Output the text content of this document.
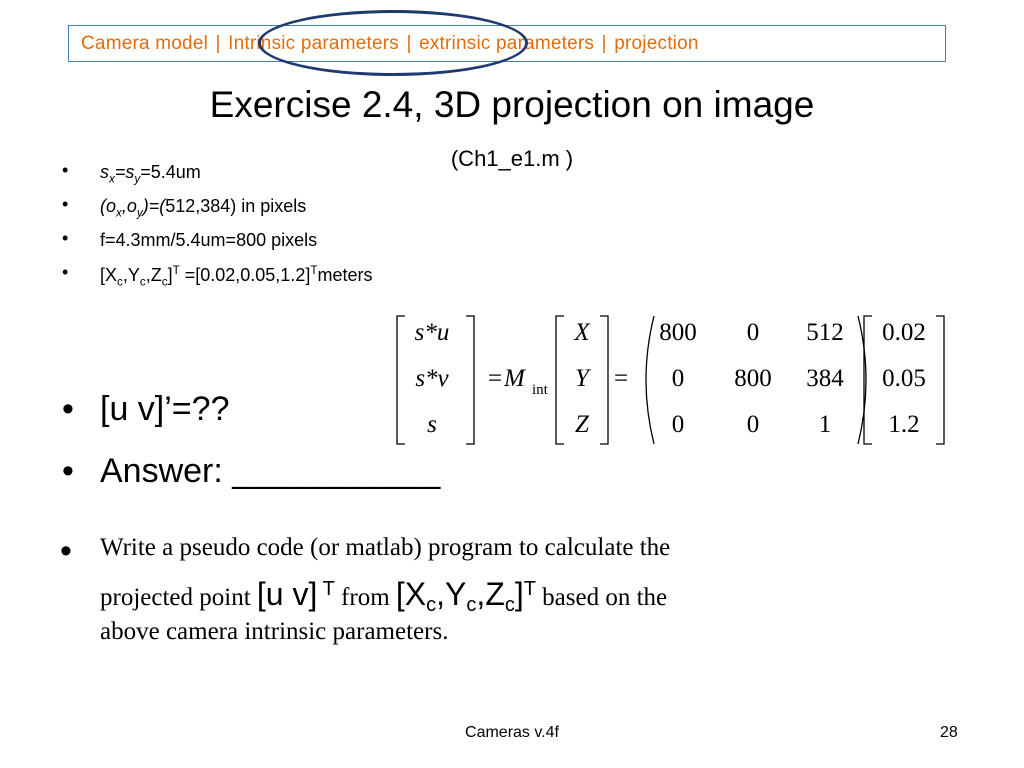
Camera model | Intrinsic parameters | extrinsic parameters | projection
Exercise 2.4, 3D projection on image
(Ch1_e1.m )
• $s_x=s_y=5.4um$
• $(o_x,o_y)=(512,384)$ in pixels
• f=4.3mm/5.4um=800 pixels
• $[X_c,Y_c,Z_c]^T$ $=[0.02,0.05,1.2]^Tmeters$
s*u
s*v
s
= M int
X
Y
Z
=
800 0 512
0 800 384
0	0 1
0.02
0.05
1.2
• [u v]’=??
• Answer: ___________
• Write a pseudo code (or matlab) program to calculate the
projected point [u v] $^T$ from $[X_c,Y_c,Z_c]^T$ based on the
above camera intrinsic parameters.
Cameras v.4f	28
